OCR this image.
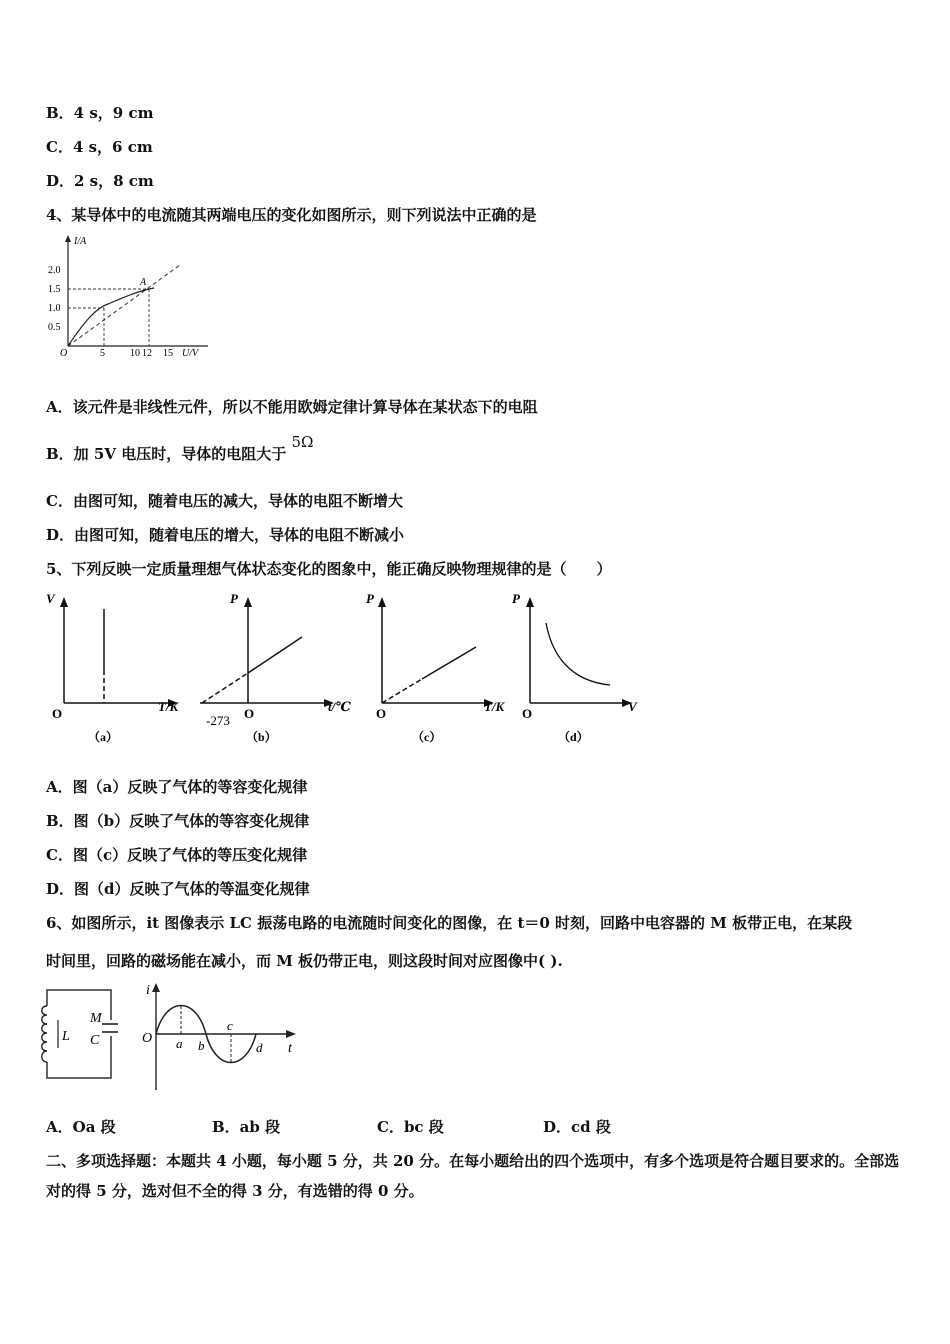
B．4 s，9 cm
C．4 s，6 cm
D．2 s，8 cm
4、某导体中的电流随其两端电压的变化如图所示，则下列说法中正确的是
I/A
U/V
O
A
2.0
1.5
1.0
0.5
5	10 12 15
A．该元件是非线性元件，所以不能用欧姆定律计算导体在某状态下的电阻
B．加 5V 电压时，导体的电阻大于 5Ω
C．由图可知，随着电压的减大，导体的电阻不断增大
D．由图可知，随着电压的增大，导体的电阻不断减小
5、下列反映一定质量理想气体状态变化的图象中，能正确反映物理规律的是（　　）
V
O	T/K
（a）
P
O
-273
t/℃
（b）
P
O	T/K
（c）
P
O	V
（d）
A．图（a）反映了气体的等容变化规律
B．图（b）反映了气体的等容变化规律
C．图（c）反映了气体的等压变化规律
D．图（d）反映了气体的等温变化规律
6、如图所示，it 图像表示 LC 振荡电路的电流随时间变化的图像，在 t＝0 时刻，回路中电容器的 M 板带正电，在某段
时间里，回路的磁场能在减小，而 M 板仍带正电，则这段时间对应图像中( ).
L
M
C
i
O
t
a b
c
d
A．Oa 段	B．ab 段	C．bc 段	D．cd 段
二、多项选择题：本题共 4 小题，每小题 5 分，共 20 分。在每小题给出的四个选项中，有多个选项是符合题目要求的。全部选对的得 5 分，选对但不全的得 3 分，有选错的得 0 分。
